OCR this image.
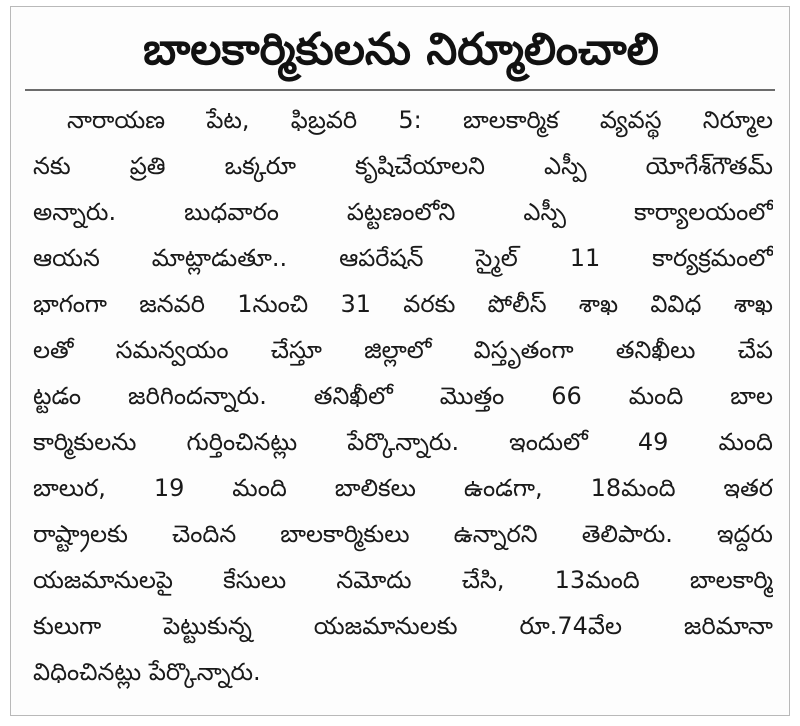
బాలకార్మికులను నిర్మూలించాలి
నారాయణ పేట, ఫిబ్రవరి 5: బాలకార్మిక వ్యవస్థ నిర్మూల
నకు ప్రతి ఒక్కరూ కృషిచేయాలని ఎస్పీ యోగేశ్‌గౌతమ్
అన్నారు. బుధవారం పట్టణంలోని ఎస్పీ కార్యాలయంలో
ఆయన మాట్లాడుతూ.. ఆపరేషన్ స్మైల్ 11 కార్యక్రమంలో
భాగంగా జనవరి 1నుంచి 31 వరకు పోలీస్ శాఖ వివిధ శాఖ
లతో సమన్వయం చేస్తూ జిల్లాలో విస్తృతంగా తనిఖీలు చేప
ట్టడం జరిగిందన్నారు. తనిఖీలో మొత్తం 66 మంది బాల
కార్మికులను గుర్తించినట్లు పేర్కొన్నారు. ఇందులో 49 మంది
బాలుర, 19 మంది బాలికలు ఉండగా, 18మంది ఇతర
రాష్ట్రాలకు చెందిన బాలకార్మికులు ఉన్నారని తెలిపారు. ఇద్దరు
యజమానులపై కేసులు నమోదు చేసి, 13మంది బాలకార్మి
కులుగా పెట్టుకున్న యజమానులకు రూ.74వేల జరిమానా
విధించినట్లు పేర్కొన్నారు.
